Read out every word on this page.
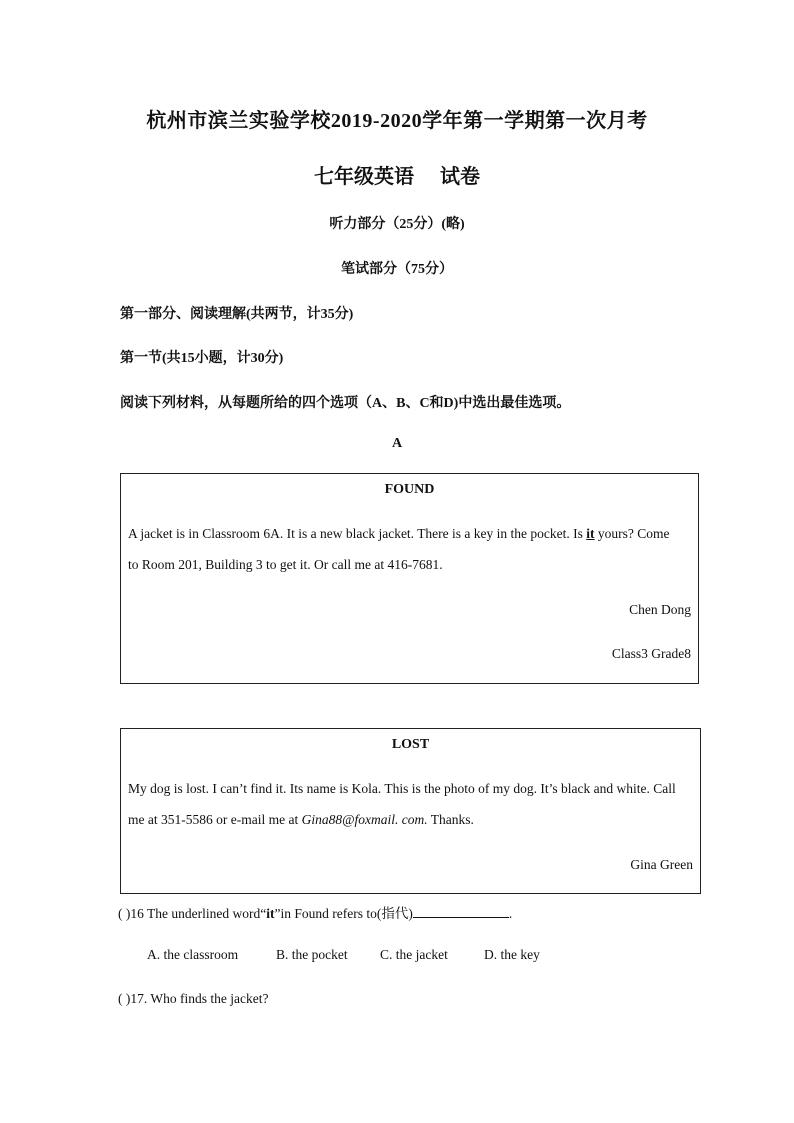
杭州市滨兰实验学校2019-2020学年第一学期第一次月考
七年级英语 试卷
听力部分（25分）(略)
笔试部分（75分）
第一部分、阅读理解(共两节，计35分)
第一节(共15小题，计30分)
阅读下列材料，从每题所给的四个选项（A、B、C和D)中选出最佳选项。
A
FOUND
A jacket is in Classroom 6A. It is a new black jacket. There is a key in the pocket. Is it yours? Come
to Room 201, Building 3 to get it. Or call me at 416-7681.
Chen Dong
Class3 Grade8
LOST
My dog is lost. I can’t find it. Its name is Kola. This is the photo of my dog. It’s black and white. Call
me at 351-5586 or e-mail me at Gina88@foxmail. com. Thanks.
Gina Green
( )16 The underlined word“it”in Found refers to(指代)	.
A. the classroom	B. the pocket C. the jacket	D. the key
( )17. Who finds the jacket?
